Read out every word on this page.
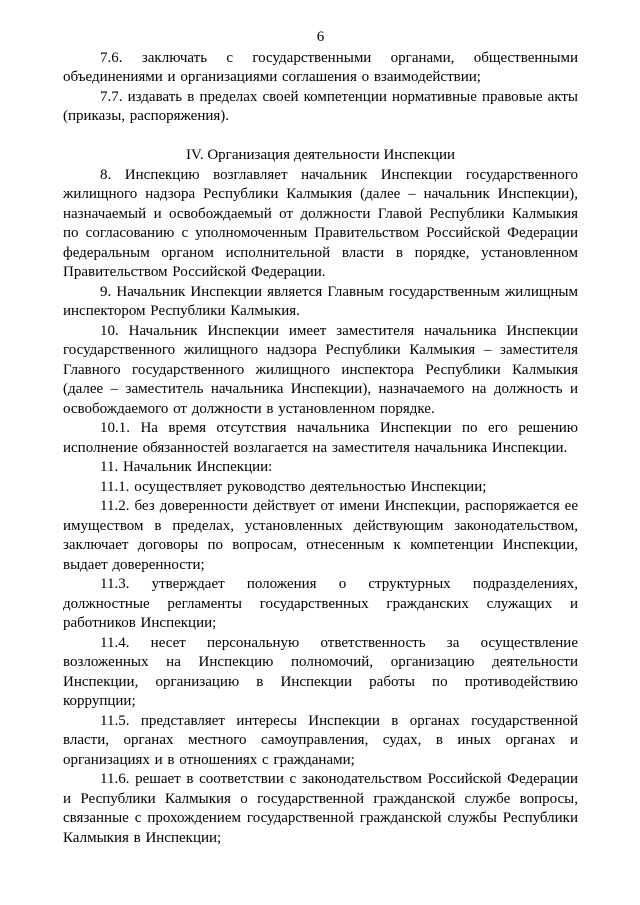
6

7.6. заключать с государственными органами, общественными объединениями и организациями соглашения о взаимодействии;

7.7. издавать в пределах своей компетенции нормативные правовые акты (приказы, распоряжения).

IV. Организация деятельности Инспекции

8. Инспекцию возглавляет начальник Инспекции государственного жилищного надзора Республики Калмыкия (далее – начальник Инспекции), назначаемый и освобождаемый от должности Главой Республики Калмыкия по согласованию с уполномоченным Правительством Российской Федерации федеральным органом исполнительной власти в порядке, установленном Правительством Российской Федерации.

9. Начальник Инспекции является Главным государственным жилищным инспектором Республики Калмыкия.

10. Начальник Инспекции имеет заместителя начальника Инспекции государственного жилищного надзора Республики Калмыкия – заместителя Главного государственного жилищного инспектора Республики Калмыкия (далее – заместитель начальника Инспекции), назначаемого на должность и освобождаемого от должности в установленном порядке.

10.1. На время отсутствия начальника Инспекции по его решению исполнение обязанностей возлагается на заместителя начальника Инспекции.

11. Начальник Инспекции:

11.1. осуществляет руководство деятельностью Инспекции;

11.2. без доверенности действует от имени Инспекции, распоряжается ее имуществом в пределах, установленных действующим законодательством, заключает договоры по вопросам, отнесенным к компетенции Инспекции, выдает доверенности;

11.3. утверждает положения о структурных подразделениях, должностные регламенты государственных гражданских служащих и работников Инспекции;

11.4. несет персональную ответственность за осуществление возложенных на Инспекцию полномочий, организацию деятельности Инспекции, организацию в Инспекции работы по противодействию коррупции;

11.5. представляет интересы Инспекции в органах государственной власти, органах местного самоуправления, судах, в иных органах и организациях и в отношениях с гражданами;

11.6. решает в соответствии с законодательством Российской Федерации и Республики Калмыкия о государственной гражданской службе вопросы, связанные с прохождением государственной гражданской службы Республики Калмыкия в Инспекции;
